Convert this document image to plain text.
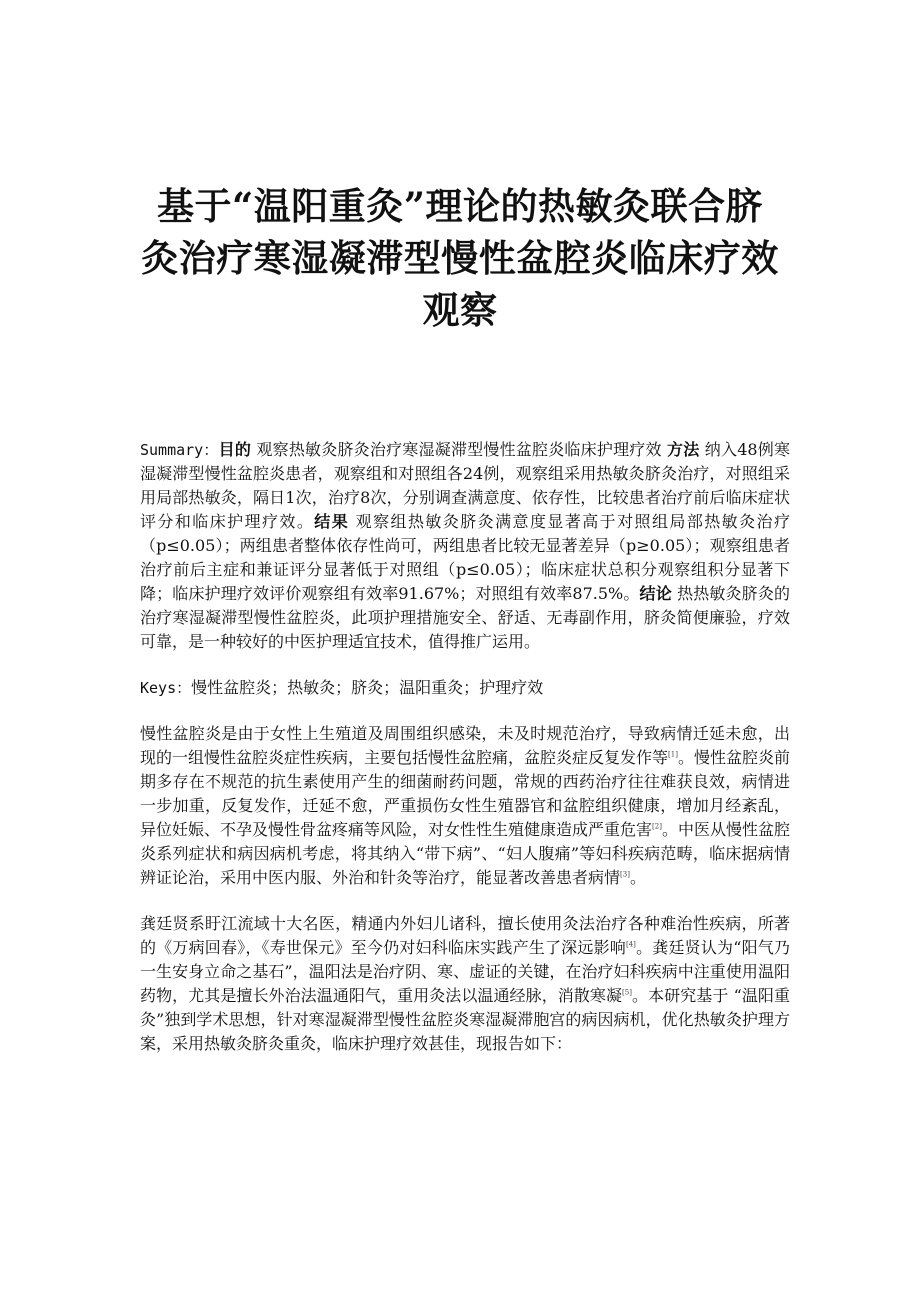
基于“温阳重灸”理论的热敏灸联合脐
灸治疗寒湿凝滞型慢性盆腔炎临床疗效
观察

Summary：目的 观察热敏灸脐灸治疗寒湿凝滞型慢性盆腔炎临床护理疗效 方法 纳入48例寒湿凝滞型慢性盆腔炎患者，观察组和对照组各24例，观察组采用热敏灸脐灸治疗，对照组采用局部热敏灸，隔日1次，治疗8次，分别调查满意度、依存性，比较患者治疗前后临床症状评分和临床护理疗效。结果 观察组热敏灸脐灸满意度显著高于对照组局部热敏灸治疗（p≤0.05）；两组患者整体依存性尚可，两组患者比较无显著差异（p≥0.05）；观察组患者治疗前后主症和兼证评分显著低于对照组（p≤0.05）；临床症状总积分观察组积分显著下降；临床护理疗效评价观察组有效率91.67%；对照组有效率87.5%。结论 热热敏灸脐灸的治疗寒湿凝滞型慢性盆腔炎，此项护理措施安全、舒适、无毒副作用，脐灸简便廉验，疗效可靠，是一种较好的中医护理适宜技术，值得推广运用。

Keys：慢性盆腔炎；热敏灸；脐灸；温阳重灸；护理疗效

慢性盆腔炎是由于女性上生殖道及周围组织感染，未及时规范治疗，导致病情迁延未愈，出现的一组慢性盆腔炎症性疾病，主要包括慢性盆腔痛，盆腔炎症反复发作等[1]。慢性盆腔炎前期多存在不规范的抗生素使用产生的细菌耐药问题，常规的西药治疗往往难获良效，病情进一步加重，反复发作，迁延不愈，严重损伤女性生殖器官和盆腔组织健康，增加月经紊乱，异位妊娠、不孕及慢性骨盆疼痛等风险，对女性性生殖健康造成严重危害[2]。中医从慢性盆腔炎系列症状和病因病机考虑，将其纳入“带下病”、“妇人腹痛”等妇科疾病范畴，临床据病情辨证论治，采用中医内服、外治和针灸等治疗，能显著改善患者病情[3]。

龚廷贤系盱江流域十大名医，精通内外妇儿诸科，擅长使用灸法治疗各种难治性疾病，所著的《万病回春》，《寿世保元》至今仍对妇科临床实践产生了深远影响[4]。龚廷贤认为“阳气乃一生安身立命之基石”，温阳法是治疗阴、寒、虚证的关键，在治疗妇科疾病中注重使用温阳药物，尤其是擅长外治法温通阳气，重用灸法以温通经脉，消散寒凝[5]。本研究基于 “温阳重灸”独到学术思想，针对寒湿凝滞型慢性盆腔炎寒湿凝滞胞宫的病因病机，优化热敏灸护理方案，采用热敏灸脐灸重灸，临床护理疗效甚佳，现报告如下：
